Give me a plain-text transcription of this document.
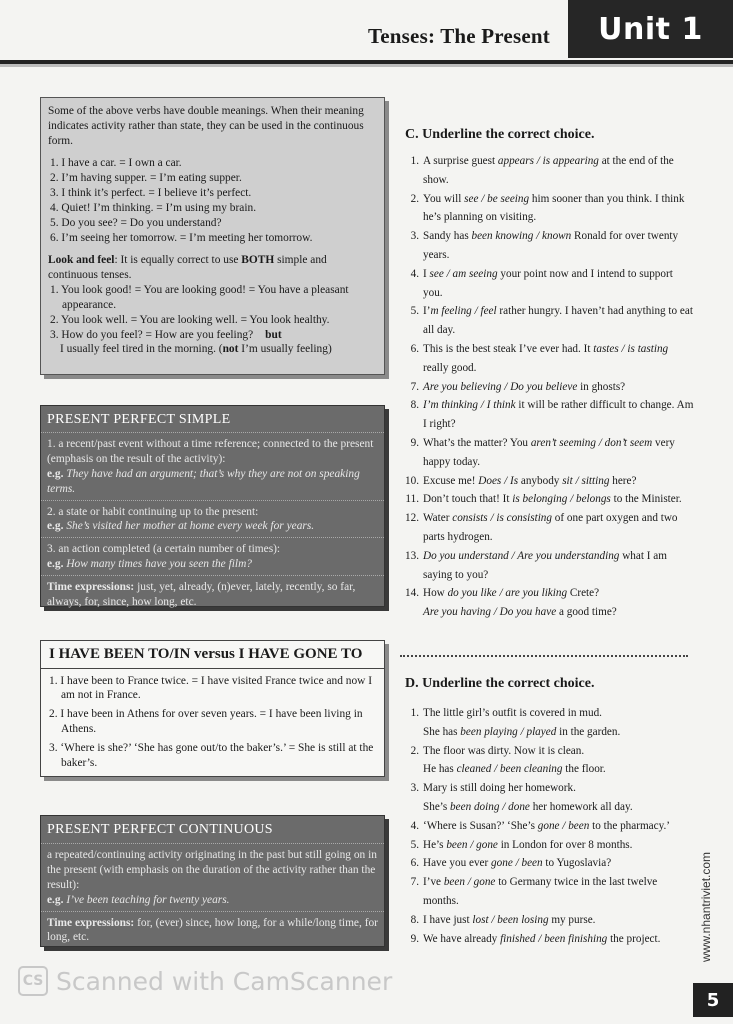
Tenses: The Present	Unit 1

Some of the above verbs have double meanings. When their meaning indicates activity rather than state, they can be used in the continuous form.

1. I have a car. = I own a car.

2. I’m having supper. = I’m eating supper.

3. I think it’s perfect. = I believe it’s perfect.

4. Quiet! I’m thinking. = I’m using my brain.

5. Do you see? = Do you understand?

6. I’m seeing her tomorrow. = I’m meeting her tomorrow.

Look and feel: It is equally correct to use BOTH simple and continuous tenses.

1. You look good! = You are looking good! = You have a pleasant appearance.

2. You look well. = You are looking well. = You look healthy.

3. How do you feel? = How are you feeling? but

I usually feel tired in the morning. (not I’m usually feeling)

PRESENT PERFECT SIMPLE

1. a recent/past event without a time reference; connected to the present (emphasis on the result of the activity):

e.g. They have had an argument; that’s why they are not on speaking terms.

2. a state or habit continuing up to the present:

e.g. She’s visited her mother at home every week for years.

3. an action completed (a certain number of times):

e.g. How many times have you seen the film?

Time expressions: just, yet, already, (n)ever, lately, recently, so far, always, for, since, how long, etc.

I HAVE BEEN TO/IN versus I HAVE GONE TO

1. I have been to France twice. = I have visited France twice and now I am not in France.

2. I have been in Athens for over seven years. = I have been living in Athens.

3. ‘Where is she?’ ‘She has gone out/to the baker’s.’ = She is still at the baker’s.

PRESENT PERFECT CONTINUOUS

a repeated/continuing activity originating in the past but still going on in the present (with emphasis on the duration of the activity rather than the result):

e.g. I’ve been teaching for twenty years.

Time expressions: for, (ever) since, how long, for a while/long time, for long, etc.

C. Underline the correct choice.
1. A surprise guest appears / is appearing at the end of the show.
2. You will see / be seeing him sooner than you think. I think he’s planning on visiting.
3. Sandy has been knowing / known Ronald for over twenty years.
4. I see / am seeing your point now and I intend to support you.
5. I’m feeling / feel rather hungry. I haven’t had anything to eat all day.
6. This is the best steak I’ve ever had. It tastes / is tasting really good.
7. Are you believing / Do you believe in ghosts?
8. I’m thinking / I think it will be rather difficult to change. Am I right?
9. What’s the matter? You aren’t seeming / don’t seem very happy today.
10. Excuse me! Does / Is anybody sit / sitting here?
11. Don’t touch that! It is belonging / belongs to the Minister.
12. Water consists / is consisting of one part oxygen and two parts hydrogen.
13. Do you understand / Are you understanding what I am saying to you?
14. How do you like / are you liking Crete?
Are you having / Do you have a good time?
D. Underline the correct choice.
1. The little girl’s outfit is covered in mud.
She has been playing / played in the garden.
2. The floor was dirty. Now it is clean.
He has cleaned / been cleaning the floor.
3. Mary is still doing her homework.
She’s been doing / done her homework all day.
4. ‘Where is Susan?’ ‘She’s gone / been to the pharmacy.’
5. He’s been / gone in London for over 8 months.
6. Have you ever gone / been to Yugoslavia?
7. I’ve been / gone to Germany twice in the last twelve months.
8. I have just lost / been losing my purse.
9. We have already finished / been finishing the project.
CS Scanned with CamScanner
www.nhantriviet.com
5
